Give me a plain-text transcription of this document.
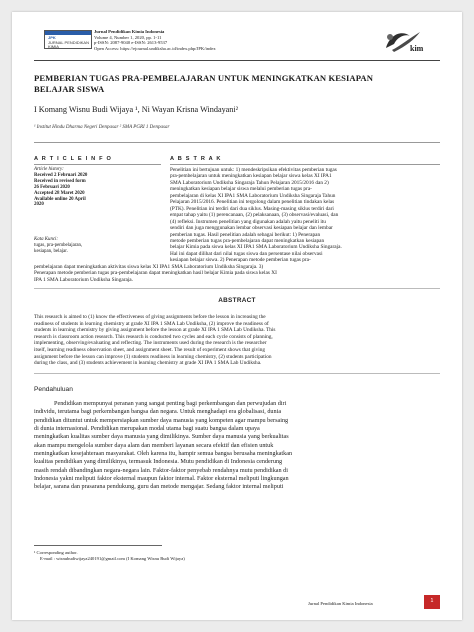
JPK
JURNAL PENDIDIKAN
KIMIA
Jurnal Pendidikan Kimia Indonesia
Volume 4, Number 1, 2020, pp. 1-11
p-ISSN: 2087-9040 e-ISSN: 2613-9537
Open Access: https://ejournal.undiksha.ac.id/index.php/JPK/index	kim
PEMBERIAN TUGAS PRA-PEMBELAJARAN UNTUK MENINGKATKAN KESIAPAN
BELAJAR SISWA
I Komang Wisnu Budi Wijaya ¹, Ni Wayan Krisna Windayani²
¹ Institut Hindu Dharma Negeri Denpasar ² SMA PGRI 1 Denpasar
A R T I C L E I N F O
Article history:
Received 2 Februari 2020
Received in revised form
26 Februari 2020
Accepted 28 Maret 2020
Available online 20 April
2020
Kata Kunci:
tugas, pra-pembelajaran,
kesiapan, belajar.
A B S T R A K
Penelitian ini bertujuan untuk: 1) mendeskripsikan efektivitas pemberian tugas
pra-pembelajaran untuk meningkatkan kesiapan belajar siswa kelas XI IPA1
SMA Laboratorium Undiksha Singaraja Tahun Pelajaran 2015/2016 dan 2)
meningkatkan kesiapan belajar siswa melalui pemberian tugas pra-
pembelajaran di kelas XI IPA1 SMA Laboratorium Undiksha Singaraja Tahun
Pelajaran 2015/2016. Penelitian ini tergolong dalam penelitian tindakan kelas
(PTK). Penelitian ini terdiri dari dua siklus. Masing-masing siklus terdiri dari
empat tahap yaitu (1) perencanaan, (2) pelaksanaan, (3) observasi/evaluasi, dan
(4) refleksi. Instrumen penelitian yang digunakan adalah yaitu peneliti itu
sendiri dan juga menggunakan lembar observasi kesiapan belajar dan lembar
pemberian tugas. Hasil penelitian adalah sebagai berikut: 1) Penerapan
metode pemberian tugas pra-pembelajaran dapat meningkatkan kesiapan
belajar Kimia pada siswa kelas XI IPA1 SMA Laboratorium Undiksha Singaraja.
Hal ini dapat dilihat dari nilai tugas siswa dan persentase nilai observasi
kesiapan belajar siswa. 2) Penerapan metode pemberian tugas pra-
pembelajaran dapat meningkatkan aktivitas siswa kelas XI IPA1 SMA Laboratorium Undiksha Singaraja. 3)
Penerapan metode pemberian tugas pra-pembelajaran dapat meningkatkan hasil belajar Kimia pada siswa kelas XI
IPA 1 SMA Laboratorium Undiksha Singaraja.
ABSTRACT
This research is aimed to (1) know the effectiveness of giving assignments before the lesson in increasing the
readiness of students in learning chemistry at grade XI IPA 1 SMA Lab Undiksha, (2) improve the readiness of
students in learning chemistry by giving assignment before the lesson at grade XI IPA 1 SMA Lab Undiksha. This
research is classroom action research. This research is conducted two cycles and each cycle consists of planning,
implementing, observing/evaluating and reflecting. The instruments used during the research is the researcher
itself, learning readiness observation sheet, and assignment sheet. The result of experiment shows that giving
assignment before the lesson can improve (1) students readiness in learning chemistry, (2) students participation
during the class, and (3) students achievement in learning chemistry at grade XI IPA 1 SMA Lab Undiksha.
Pendahuluan
Pendidikan mempunyai peranan yang sangat penting bagi perkembangan dan perwujudan diri
individu, terutama bagi perkembangan bangsa dan negara. Untuk menghadapi era globalisasi, dunia
pendidikan dituntut untuk mempersiapkan sumber daya manusia yang kompeten agar mampu bersaing
di dunia internasional. Pendidikan merupakan modal utama bagi suatu bangsa dalam upaya
meningkatkan kualitas sumber daya manusia yang dimilikinya. Sumber daya manusia yang berkualitas
akan mampu mengelola sumber daya alam dan memberi layanan secara efektif dan efisien untuk
meningkatkan kesejahteraan masyarakat. Oleh karena itu, hampir semua bangsa berusaha meningkatkan
kualitas pendidikan yang dimilikinya, termasuk Indonesia. Mutu pendidikan di Indonesia cenderung
masih rendah dibandingkan negara-negara lain. Faktor-faktor penyebab rendahnya mutu pendidikan di
Indonesia yakni meliputi faktor eksternal maupun faktor internal. Faktor eksternal meliputi lingkungan
belajar, sarana dan prasarana pendukung, guru dan metode mengajar. Sedang faktor internal meliputi
¹ Corresponding author.
E-mail : wisnubudiwijaya240191@gmail.com (I Komang Wisnu Budi Wijaya)
Jurnal Pendidikan Kimia Indonesia	1
